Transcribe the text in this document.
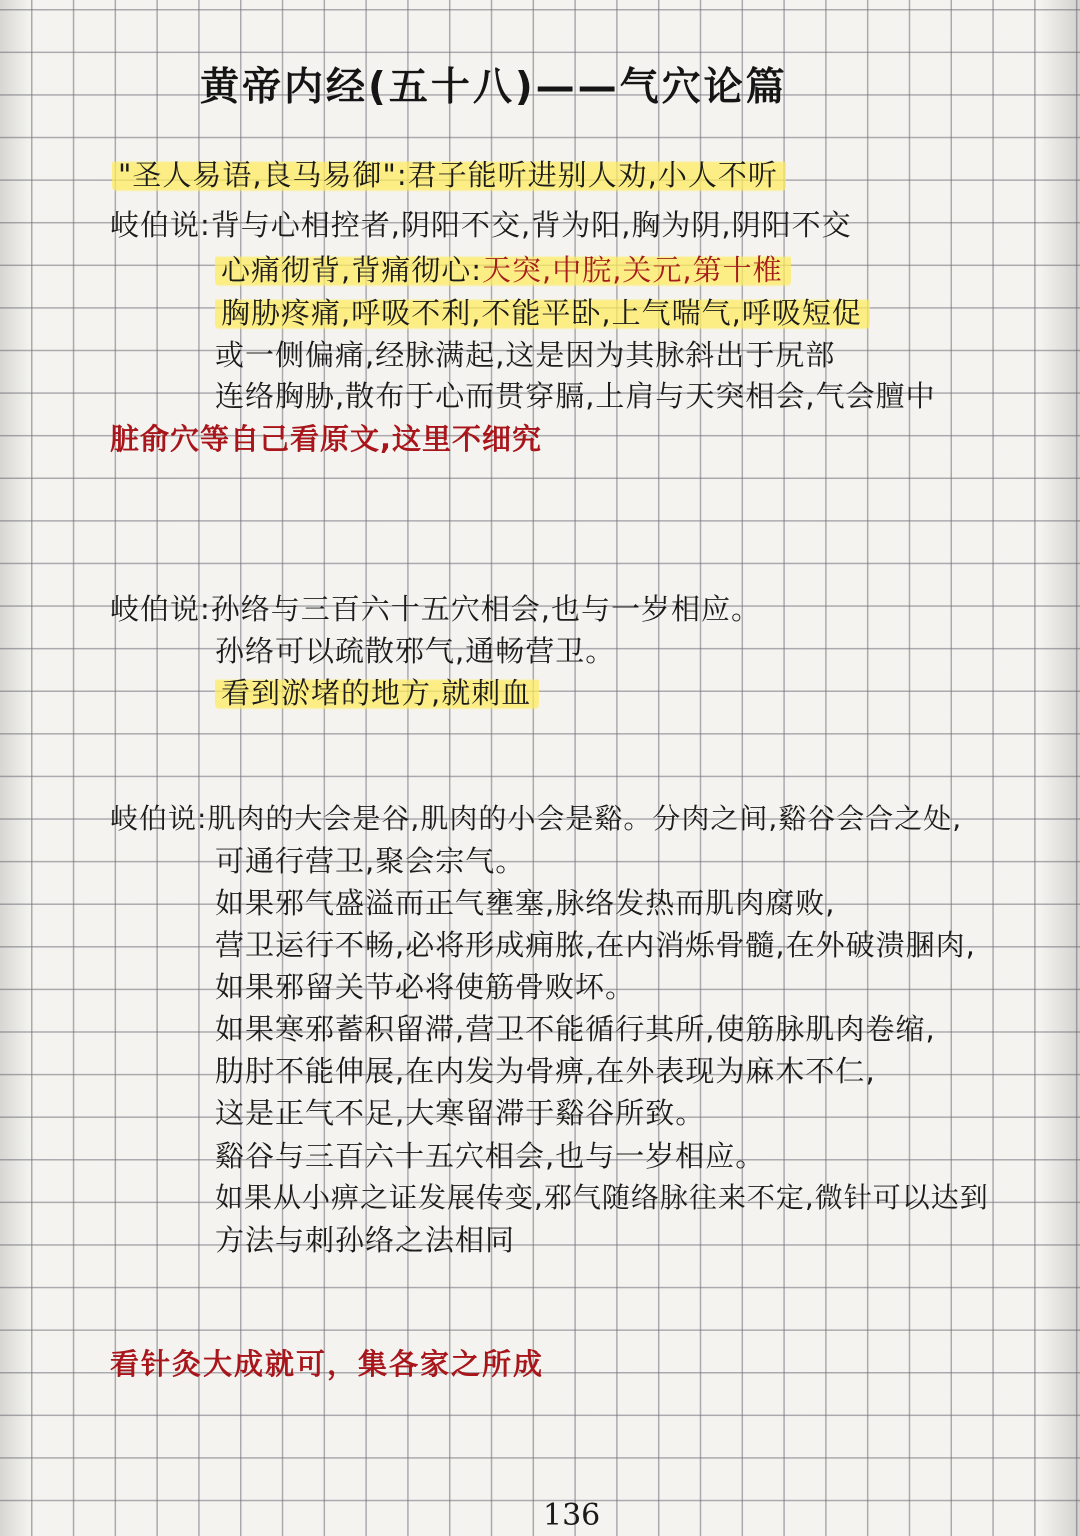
黄帝内经(五十八)——气穴论篇
"圣人易语,良马易御":君子能听进别人劝,小人不听
岐伯说:背与心相控者,阴阳不交,背为阳,胸为阴,阴阳不交
心痛彻背,背痛彻心:天突,中脘,关元,第十椎
胸胁疼痛,呼吸不利,不能平卧,上气喘气,呼吸短促
或一侧偏痛,经脉满起,这是因为其脉斜出于尻部
连络胸胁,散布于心而贯穿膈,上肩与天突相会,气会膻中
脏俞穴等自己看原文,这里不细究
岐伯说:孙络与三百六十五穴相会,也与一岁相应。
孙络可以疏散邪气,通畅营卫。
看到淤堵的地方,就刺血
岐伯说:肌肉的大会是谷,肌肉的小会是谿。分肉之间,谿谷会合之处,
可通行营卫,聚会宗气。
如果邪气盛溢而正气壅塞,脉络发热而肌肉腐败,
营卫运行不畅,必将形成痈脓,在内消烁骨髓,在外破溃䐃肉,
如果邪留关节必将使筋骨败坏。
如果寒邪蓄积留滞,营卫不能循行其所,使筋脉肌肉卷缩,
肋肘不能伸展,在内发为骨痹,在外表现为麻木不仁,
这是正气不足,大寒留滞于谿谷所致。
谿谷与三百六十五穴相会,也与一岁相应。
如果从小痹之证发展传变,邪气随络脉往来不定,微针可以达到
方法与刺孙络之法相同
看针灸大成就可，集各家之所成
136
